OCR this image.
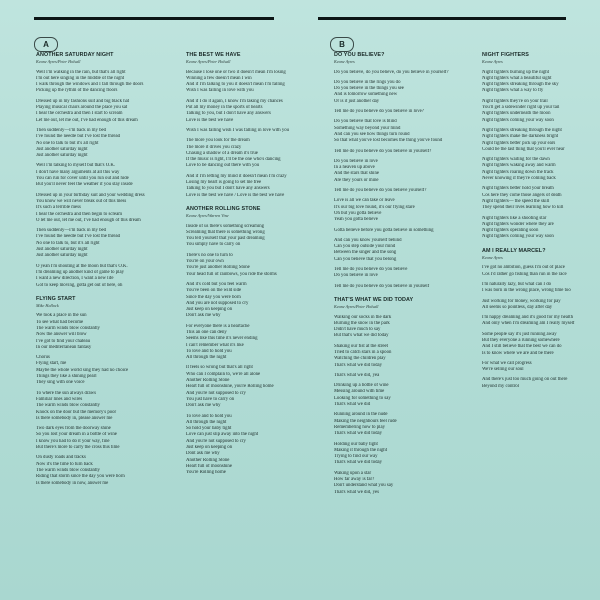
A	B
ANOTHER SATURDAY NIGHT
Keane Ayres/Peter Holsall
Well I'm walking in the rain, but that's all right
I'm out here singing in the middle of the night
I walk through the windows and I fall through the doors
Picking up the rythm of the dancing floors
Dressed up in my fashions suit and big black hat
Playing musical chairs around the place you sat
I hear the orchestra and then I start to scream
Let me out, let me out, I've had enough of this dream
Then suddenly—I'm back in my bed
I've found the needle but I've lost the thread
No one to talk to but it's all right
Just another saturday night
Just another saturday night
Well I'm talking to myself but that's O.K.
I don't have many arguments at all this way
You can run for cover until you run out and hide
But you'll never feel the weather if you stay inside
Dressed up in your birthday suit and your wedding dress
You know we will never break out of this mess
It's such a terrible mess
I hear the orchestra and then begin to scream
O let me out, let me out, I've had enough of this dream
Then suddenly—I'm back in my bed
I've found the needle but I've lost the thread
No one to talk to, but it's all right
Just another saturday night
Just another saturday night
O yeah I'm shouting at the moon but that's O.K.
I'm dreaming up another kind of game to play
I want a new direction, I want a new life
Got to keep moving, gotta get out of here, oh
FLYING START
Mike Hallock
We took a place in the sun
To see what had become
The warm winds blow constantly
Now the answer will blow
I've got to find your chateau
In our mediterranean fantasy
Chorus
Flying start, me
Maybe the whole world sing they had no choice
Things they like a shining pearl
They sing with one voice
To where the sun always draws
Familiar lines and wires
The warm winds blow constantly
Knock on the door but the memory's poor
Is there somebody in, please answer me
Two dark eyes from the doorway shine
So you lost your dream in a bottle of wine
I know you had to do it your way, fine
But there's more to carry the cross this time
On dusty roads and tracks
Now it's the time to turn back
The warm winds blow constantly
Riding that storm since the day you were born
Is there somebody in now, answer me
THE BEST WE HAVE
Keane Ayres/Peter Holsall
Because I lose one or two it doesn't mean I'm losing
Winning a few doesn't mean I win
And if I'm talking to you it doesn't mean I'm falling
Wish I was falling in love with you
And if I do it again, I know I'm taking my chances
Put all my money in the sports of hearts
Talking to you, but I don't have any answers
Love is the best we have
Wish I was falling wish I was falling in love with you
The more you look for the dream
The more it drives you crazy
Chasing a shadow of a dream it's true
If the music is right, I'll be the one who's dancing
Love to be dancing out there with you
And if I'm letting my mind it doesn't mean I'm crazy
Losing my heart is going to set me free
Talking to you but I don't have any answers
Love is the best we have / Love is the best we have
ANOTHER ROLLING STONE
Keane Ayres/Warren Vine
Inside of us there's something screaming
Screaming that there is something wrong
You tell yourself that your past dreaming
You simply have to carry on
There's no one to turn to
You're on your own
You're just another Rolling Stone
Your head full of rainbows, you ride the storms
And it's cold but you feel warm
You've been on the wild side
Since the day you were born
And you are not supposed to cry
Just keep on keeping on
Don't ask me why
For everyone there is a heartache
This an one can deny
Seems like this time it's never ending
I can't remember what it's like
To love and to hold you
All through the night
It feels so wrong but that's all right
Who can I complain to, we're all alone
Another Rolling Stone
Heart full of moonshine, you're Rolling home
And you're not supposed to cry
You just have to carry on
Don't ask me why
To love and to hold you
All through the night
So hold your baby tight
Love can just slip away into the night
And you're not supposed to cry
Just keep on keeping on
Dont ask me why
Another Rolling Stone
Heart full of moonshine
You're Rolling home
DO YOU BELIEVE?
Keane Ayres
Do you believe, do you believe, do you believe in yourself?
Do you believe in the rings you do
Do you believe in the things you see
And is tomorrow something new
Or is it just another day
Tell me do you believe do you believe in love?
Do you believe that love is blind
Something way beyond your mind
And can you see how things turn round
So that what you've lost becomes the thing you've found
Tell me do you believe do you believe in yourself?
Do you believe in love
In a heaven up above
And the stars that shine
Are they yours or mine
Tell me do you believe do you believe yourself?
Love is all we can take or leave
It's our big love found, it's our flying stare
Oh but you gotta believe
Yeah you gotta believe
Gotta believe before you gotta believe in something
And can you know yourself behind
Can you step outside your mind
Between the singer and the song
Can you believe that you belong
Tell me do you believe do you believe
Do you believe in love
Tell me do you believe do you believe in yourself
THAT'S WHAT WE DID TODAY
Keane Ayres/Peter Holsall
Walking our socks in the dark
Burning the snow in the park
Didn't have much to say
But that's what we did today
Shaking our fist at the street
Tried to catch stars in a spoon
Watching the children play
That's what we did today
That's what we did, yea
Drinking up a bottle of wine
Messing around with time
Looking for something to say
That's what we did
Running around in the nude
Making the neighbours feel rude
Remembering how to play
That's what we did today
Holding our baby tight
Making it through the night
Trying to find our way
That's what we did today
Waking upon a star
How far away is far?
Don't understand what you say
That's what we did, yes
NIGHT FIGHTERS
Keane Ayres
Night fighters burning up the night
Night fighters what a beautiful sight
Night fighters streaking through the sky
Night fighters what a way to fly
Night fighters they're on your trail
You'll get a sidewinder right up your tail
Night fighters underneath the moon
Night fighters coming your way soon
Night fighters streaking through the night
Night fighters make the darkness bright
Night fighters better pick up your ears
Could be the last thing that you'll ever hear
Night fighters waiting for the dawn
Night fighters waking away and warm
Night fighters roaring down the track
Never knowing if they're coming back
Night fighters better hold your breath
Cos here they come those angels of death
Night fighters— the speed the skill
They spend their lives learning how to kill
Night fighters like a shooting star
Night fighters wonder where they are
Night fighters operating soon
Night fighters coming your way soon
AM I REALLY MARCEL?
Keane Ayres
I've got no ambition, guess I'm out of place
Cos I'd rather go fishing than run in the race
I'm naturally lazy, but what can I do
I was born in the wrong place, wrong time too
Just working for money, working for pay
All seems so pointless, day after day
I'm happy dreaming and it's good for my health
And only when I'm dreaming am I really myself
Some people say it's just running away
But they everyone a running somewhere
And I still believe that the best we can do
Is to know where we are and be there
For what we call progress
We're selling our soul
And there's just too much going on out there
Beyond my control
